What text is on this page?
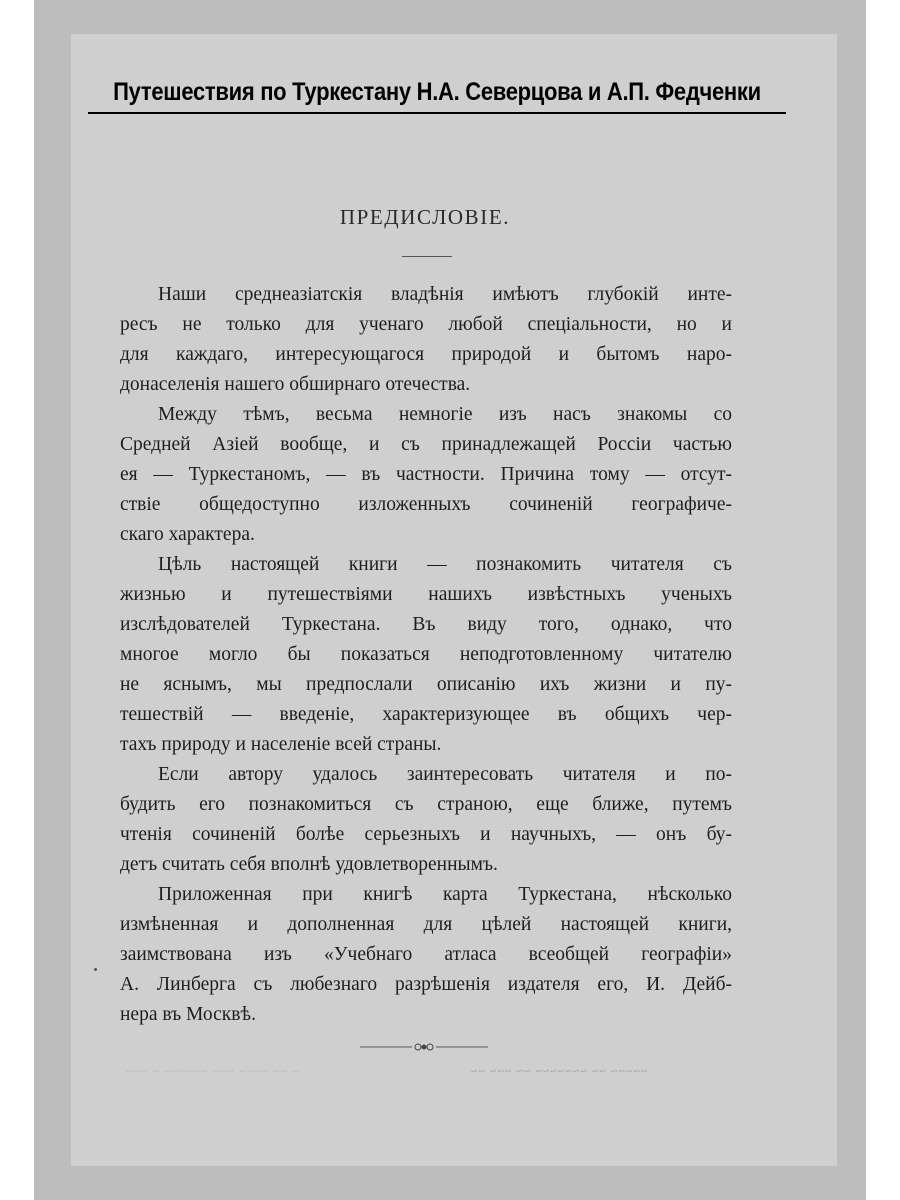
Путешествия по Туркестану Н.А. Северцова и А.П. Федченки
ПРЕДИСЛОВІЕ.
Наши среднеазіатскія владѣнія имѣютъ глубокій инте-
ресъ не только для ученаго любой спеціальности, но и
для каждаго, интересующагося природой и бытомъ наро-
донаселенія нашего обширнаго отечества.
Между тѣмъ, весьма немногіе изъ насъ знакомы со
Средней Азіей вообще, и съ принадлежащей Россіи частью
ея — Туркестаномъ, — въ частности. Причина тому — отсут-
ствіе общедоступно изложенныхъ сочиненій географиче-
скаго характера.
Цѣль настоящей книги — познакомить читателя съ
жизнью и путешествіями нашихъ извѣстныхъ ученыхъ
изслѣдователей Туркестана. Въ виду того, однако, что
многое могло бы показаться неподготовленному читателю
не яснымъ, мы предпослали описанію ихъ жизни и пу-
тешествій — введеніе, характеризующее въ общихъ чер-
тахъ природу и населеніе всей страны.
Если автору удалось заинтересовать читателя и по-
будить его познакомиться съ страною, еще ближе, путемъ
чтенія сочиненій болѣе серьезныхъ и научныхъ, — онъ бу-
детъ считать себя вполнѣ удовлетвореннымъ.
Приложенная при книгѣ карта Туркестана, нѣсколько
измѣненная и дополненная для цѣлей настоящей книги,
заимствована изъ «Учебнаго атласа всеобщей географіи»
А. Линберга съ любезнаго разрѣшенія издателя его, И. Дейб-
нера въ Москвѣ.
~ ~~ ~~~~ ~~~ ~~~~~~ ~ ~~~	~~~~~ ~~ ~~~~~~~ ~~ ~~~ ~~
